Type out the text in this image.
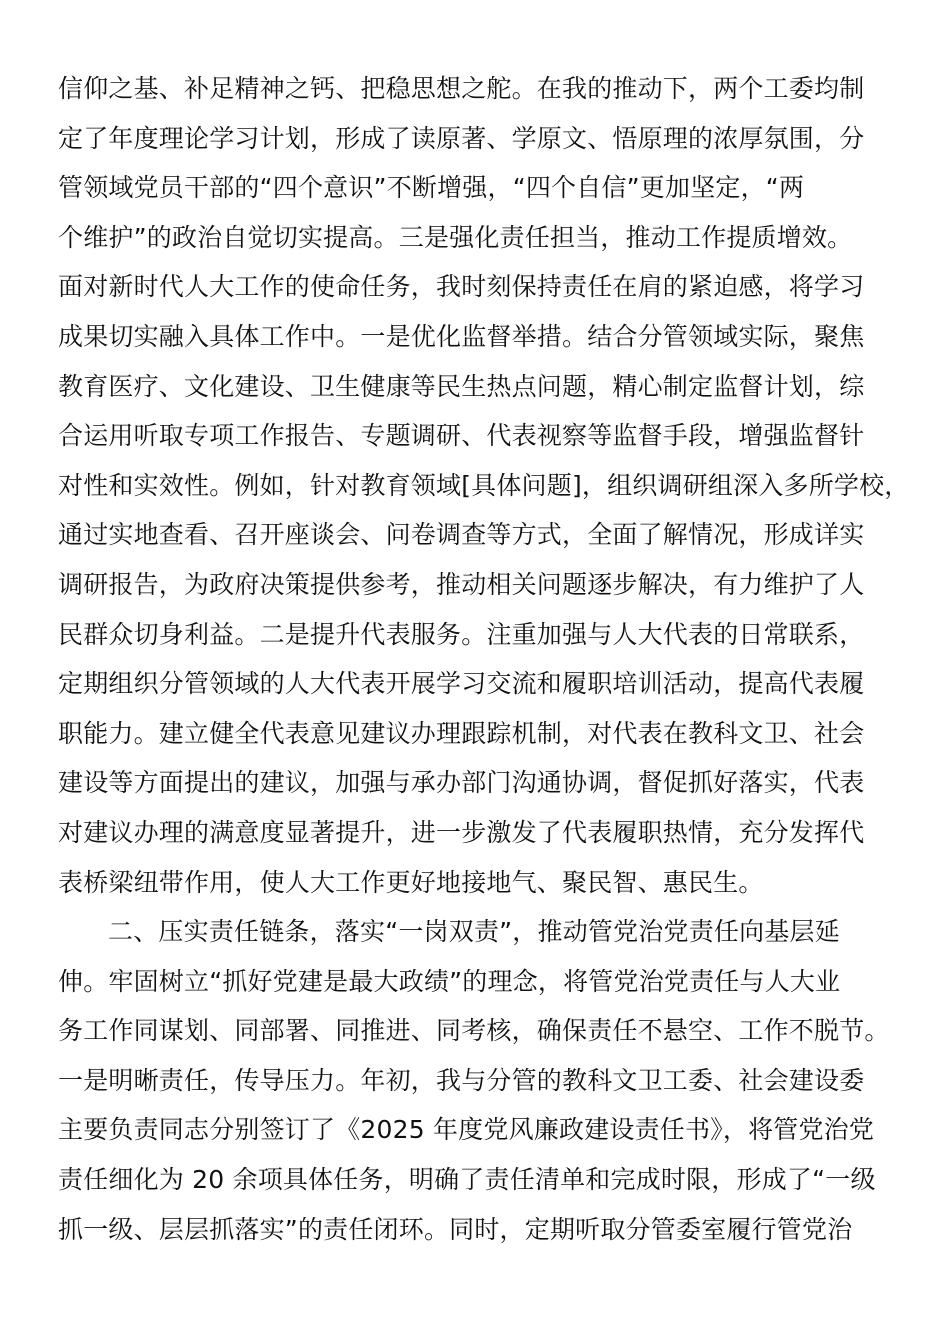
信仰之基、补足精神之钙、把稳思想之舵。在我的推动下，两个工委均制
定了年度理论学习计划，形成了读原著、学原文、悟原理的浓厚氛围，分
管领域党员干部的“四个意识”不断增强，“四个自信”更加坚定，“两
个维护”的政治自觉切实提高。三是强化责任担当，推动工作提质增效。
面对新时代人大工作的使命任务，我时刻保持责任在肩的紧迫感，将学习
成果切实融入具体工作中。一是优化监督举措。结合分管领域实际，聚焦
教育医疗、文化建设、卫生健康等民生热点问题，精心制定监督计划，综
合运用听取专项工作报告、专题调研、代表视察等监督手段，增强监督针
对性和实效性。例如，针对教育领域[具体问题]，组织调研组深入多所学校，
通过实地查看、召开座谈会、问卷调查等方式，全面了解情况，形成详实
调研报告，为政府决策提供参考，推动相关问题逐步解决，有力维护了人
民群众切身利益。二是提升代表服务。注重加强与人大代表的日常联系，
定期组织分管领域的人大代表开展学习交流和履职培训活动，提高代表履
职能力。建立健全代表意见建议办理跟踪机制，对代表在教科文卫、社会
建设等方面提出的建议，加强与承办部门沟通协调，督促抓好落实，代表
对建议办理的满意度显著提升，进一步激发了代表履职热情，充分发挥代
表桥梁纽带作用，使人大工作更好地接地气、聚民智、惠民生。
二、压实责任链条，落实“一岗双责”，推动管党治党责任向基层延
伸。牢固树立“抓好党建是最大政绩”的理念，将管党治党责任与人大业
务工作同谋划、同部署、同推进、同考核，确保责任不悬空、工作不脱节。
一是明晰责任，传导压力。年初，我与分管的教科文卫工委、社会建设委
主要负责同志分别签订了《2025 年度党风廉政建设责任书》，将管党治党
责任细化为 20 余项具体任务，明确了责任清单和完成时限，形成了“一级
抓一级、层层抓落实”的责任闭环。同时，定期听取分管委室履行管党治
